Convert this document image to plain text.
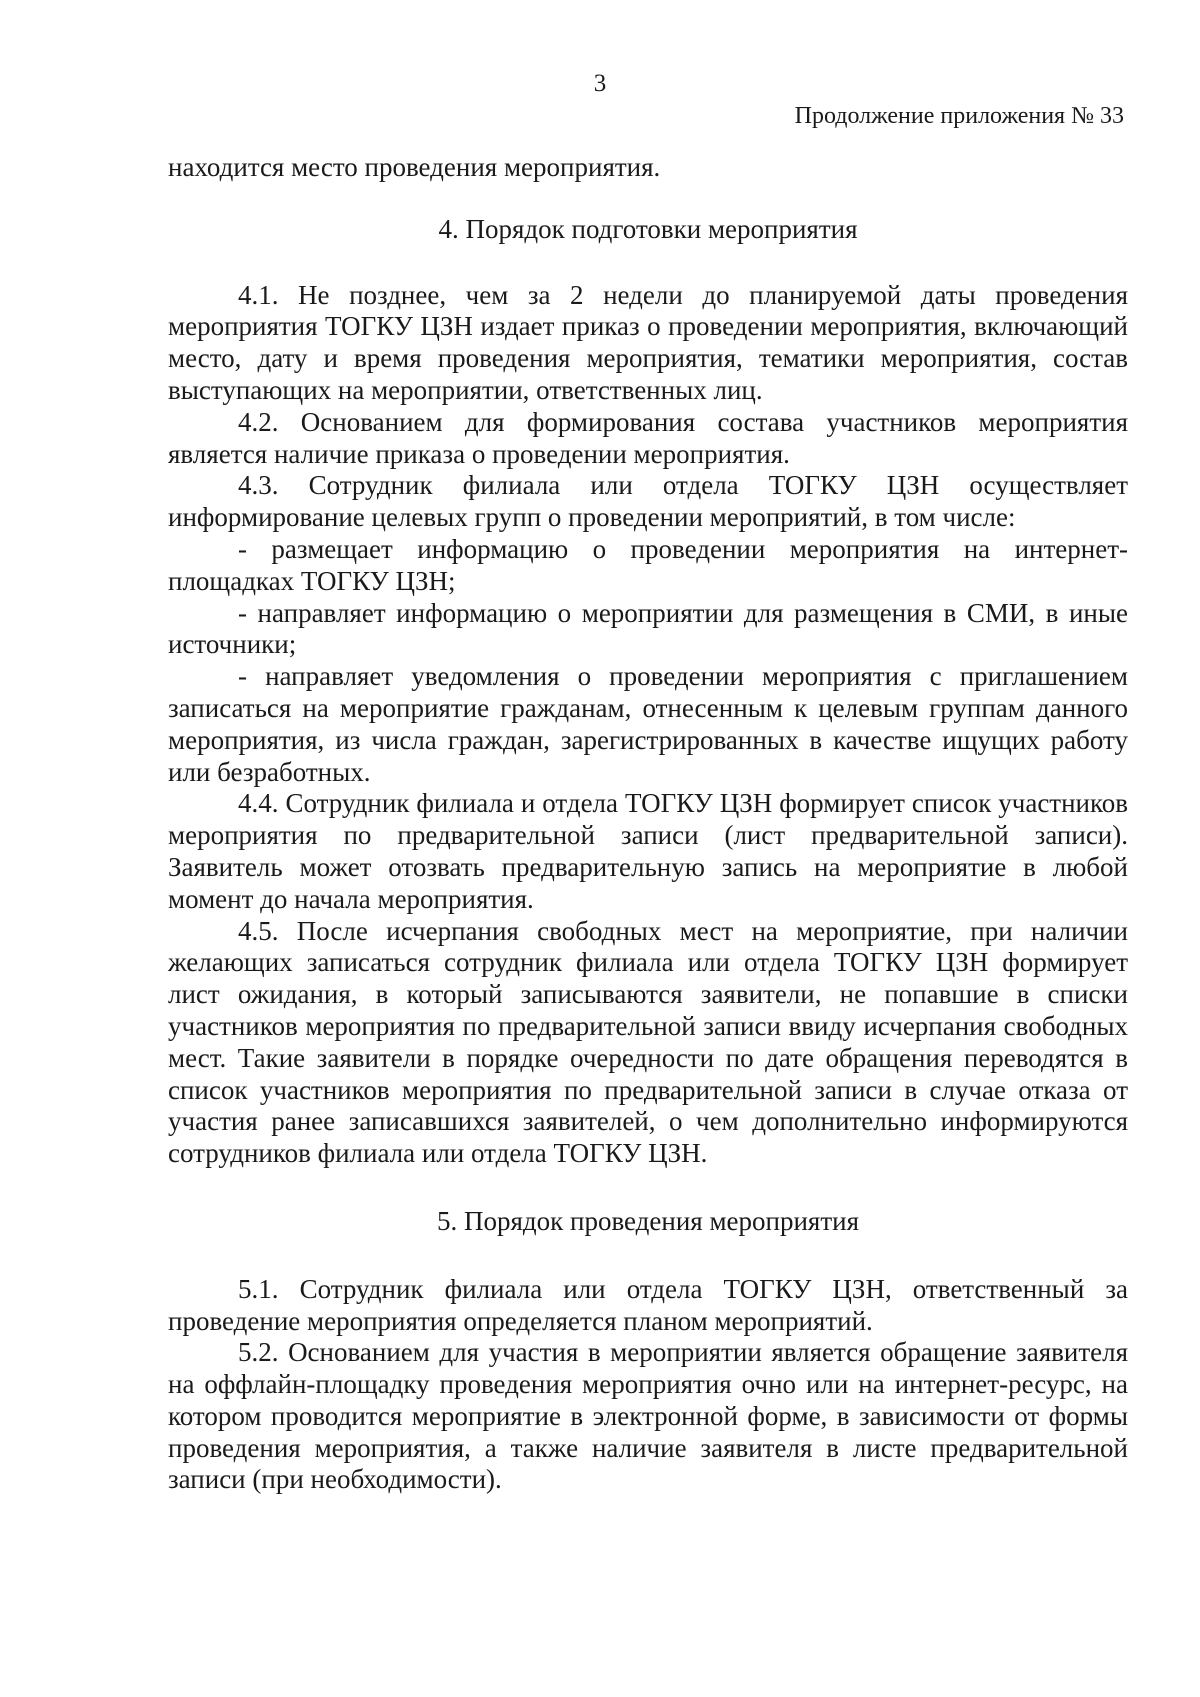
3
Продолжение приложения № 33

находится место проведения мероприятия.

4. Порядок подготовки мероприятия

4.1. Не позднее, чем за 2 недели до планируемой даты проведения мероприятия ТОГКУ ЦЗН издает приказ о проведении мероприятия, включающий место, дату и время проведения мероприятия, тематики мероприятия, состав выступающих на мероприятии, ответственных лиц.

4.2. Основанием для формирования состава участников мероприятия является наличие приказа о проведении мероприятия.

4.3. Сотрудник филиала или отдела ТОГКУ ЦЗН осуществляет информирование целевых групп о проведении мероприятий, в том числе:

- размещает информацию о проведении мероприятия на интернет-площадках ТОГКУ ЦЗН;

- направляет информацию о мероприятии для размещения в СМИ, в иные источники;

- направляет уведомления о проведении мероприятия с приглашением записаться на мероприятие гражданам, отнесенным к целевым группам данного мероприятия, из числа граждан, зарегистрированных в качестве ищущих работу или безработных.

4.4. Сотрудник филиала и отдела ТОГКУ ЦЗН формирует список участников мероприятия по предварительной записи (лист предварительной записи). Заявитель может отозвать предварительную запись на мероприятие в любой момент до начала мероприятия.

4.5. После исчерпания свободных мест на мероприятие, при наличии желающих записаться сотрудник филиала или отдела ТОГКУ ЦЗН формирует лист ожидания, в который записываются заявители, не попавшие в списки участников мероприятия по предварительной записи ввиду исчерпания свободных мест. Такие заявители в порядке очередности по дате обращения переводятся в список участников мероприятия по предварительной записи в случае отказа от участия ранее записавшихся заявителей, о чем дополнительно информируются сотрудников филиала или отдела ТОГКУ ЦЗН.

5. Порядок проведения мероприятия

5.1. Сотрудник филиала или отдела ТОГКУ ЦЗН, ответственный за проведение мероприятия определяется планом мероприятий.

5.2. Основанием для участия в мероприятии является обращение заявителя на оффлайн-площадку проведения мероприятия очно или на интернет-ресурс, на котором проводится мероприятие в электронной форме, в зависимости от формы проведения мероприятия, а также наличие заявителя в листе предварительной записи (при необходимости).
